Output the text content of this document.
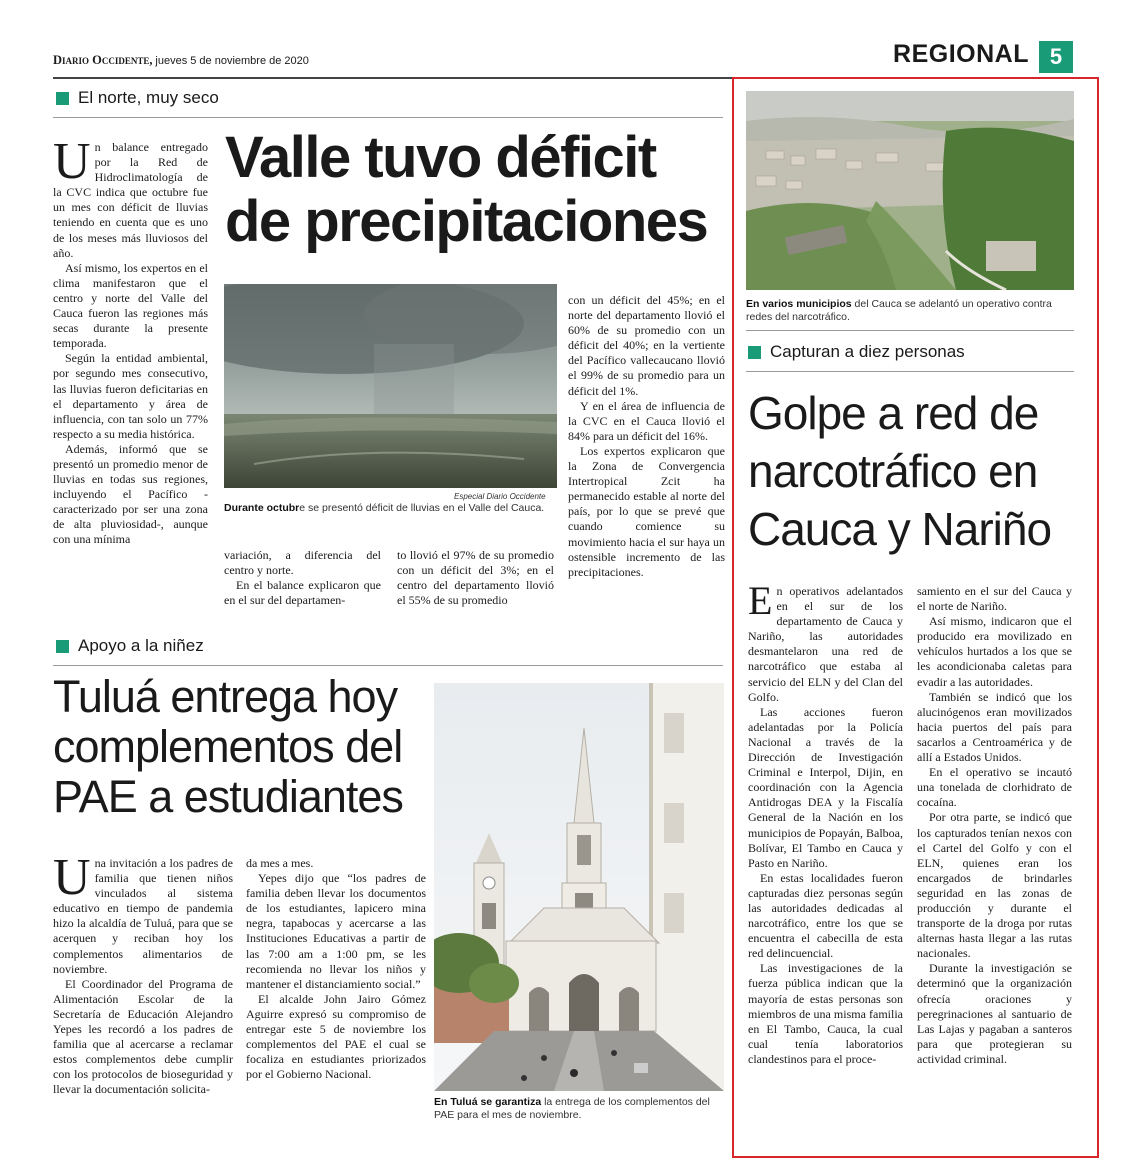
Diario Occidente, jueves 5 de noviembre de 2020	REGIONAL 5
El norte, muy seco

Un balance entregado por la Red de Hidroclimatología de la CVC indica que octubre fue un mes con déficit de lluvias teniendo en cuenta que es uno de los meses más lluviosos del año.

Así mismo, los expertos en el clima manifestaron que el centro y norte del Valle del Cauca fueron las regiones más secas durante la presente temporada.

Según la entidad ambiental, por segundo mes consecutivo, las lluvias fueron deficitarias en el departamento y área de influencia, con tan solo un 77% respecto a su media histórica.

Además, informó que se presentó un promedio menor de lluvias en todas sus regiones, incluyendo el Pacífico -caracterizado por ser una zona de alta pluviosidad-, aunque con una mínima

Valle tuvo déficit
de precipitaciones
Especial Diario Occidente
Durante octubre se presentó déficit de lluvias en el Valle del Cauca.

variación, a diferencia del centro y norte.

En el balance explicaron que en el sur del departamen-

to llovió el 97% de su promedio con un déficit del 3%; en el centro del departamento llovió el 55% de su promedio

con un déficit del 45%; en el norte del departamento llovió el 60% de su promedio con un déficit del 40%; en la vertiente del Pacífico vallecaucano llovió el 99% de su promedio para un déficit del 1%.

Y en el área de influencia de la CVC en el Cauca llovió el 84% para un déficit del 16%.

Los expertos explicaron que la Zona de Convergencia Intertropical Zcit ha permanecido estable al norte del país, por lo que se prevé que cuando comience su movimiento hacia el sur haya un ostensible incremento de las precipitaciones.

Apoyo a la niñez
Tuluá entrega hoy
complementos del
PAE a estudiantes

Una invitación a los padres de familia que tienen niños vinculados al sistema educativo en tiempo de pandemia hizo la alcaldía de Tuluá, para que se acerquen y reciban hoy los complementos alimentarios de noviembre.

El Coordinador del Programa de Alimentación Escolar de la Secretaría de Educación Alejandro Yepes les recordó a los padres de familia que al acercarse a reclamar estos complementos debe cumplir con los protocolos de bioseguridad y llevar la documentación solicita-

da mes a mes.

Yepes dijo que “los padres de familia deben llevar los documentos de los estudiantes, lapicero mina negra, tapabocas y acercarse a las Instituciones Educativas a partir de las 7:00 am a 1:00 pm, se les recomienda no llevar los niños y mantener el distanciamiento social.”

El alcalde John Jairo Gómez Aguirre expresó su compromiso de entregar este 5 de noviembre los complementos del PAE el cual se focaliza en estudiantes priorizados por el Gobierno Nacional.

En Tuluá se garantiza la entrega de los complementos del PAE para el mes de noviembre.
En varios municipios del Cauca se adelantó un operativo contra redes del narcotráfico.
Capturan a diez personas
Golpe a red de
narcotráfico en
Cauca y Nariño

En operativos adelantados en el sur de los departamento de Cauca y Nariño, las autoridades desmantelaron una red de narcotráfico que estaba al servicio del ELN y del Clan del Golfo.

Las acciones fueron adelantadas por la Policía Nacional a través de la Dirección de Investigación Criminal e Interpol, Dijin, en coordinación con la Agencia Antidrogas DEA y la Fiscalía General de la Nación en los municipios de Popayán, Balboa, Bolívar, El Tambo en Cauca y Pasto en Nariño.

En estas localidades fueron capturadas diez personas según las autoridades dedicadas al narcotráfico, entre los que se encuentra el cabecilla de esta red delincuencial.

Las investigaciones de la fuerza pública indican que la mayoría de estas personas son miembros de una misma familia en El Tambo, Cauca, la cual cual tenía laboratorios clandestinos para el proce-

samiento en el sur del Cauca y el norte de Nariño.

Así mismo, indicaron que el producido era movilizado en vehículos hurtados a los que se les acondicionaba caletas para evadir a las autoridades.

También se indicó que los alucinógenos eran movilizados hacia puertos del país para sacarlos a Centroamérica y de allí a Estados Unidos.

En el operativo se incautó una tonelada de clorhidrato de cocaína.

Por otra parte, se indicó que los capturados tenían nexos con el Cartel del Golfo y con el ELN, quienes eran los encargados de brindarles seguridad en las zonas de producción y durante el transporte de la droga por rutas alternas hasta llegar a las rutas nacionales.

Durante la investigación se determinó que la organización ofrecía oraciones y peregrinaciones al santuario de Las Lajas y pagaban a santeros para que protegieran su actividad criminal.
